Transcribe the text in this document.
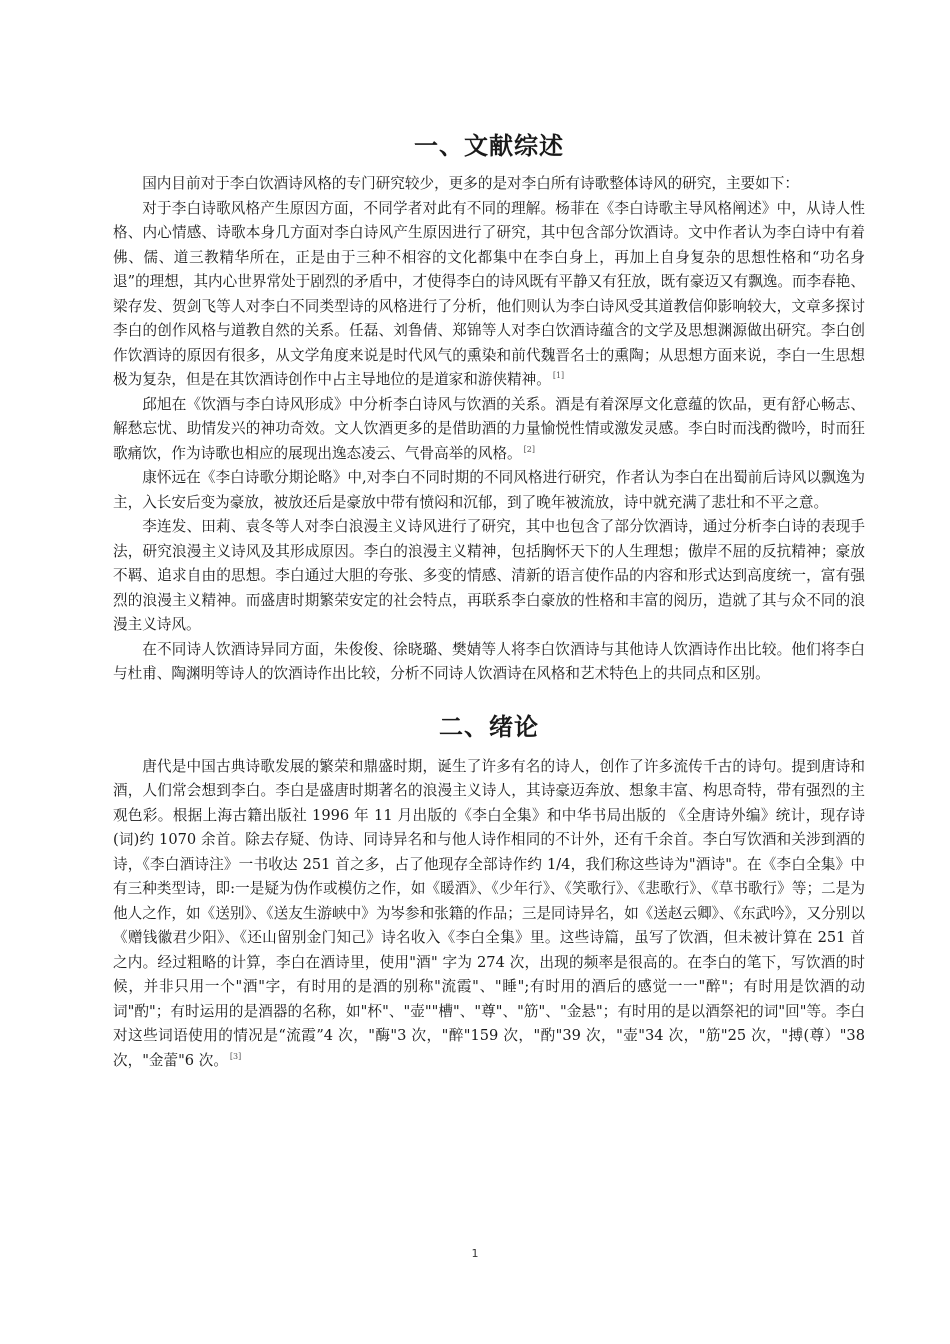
一、文献综述

国内目前对于李白饮酒诗风格的专门研究较少，更多的是对李白所有诗歌整体诗风的研究，主要如下：

对于李白诗歌风格产生原因方面，不同学者对此有不同的理解。杨菲在《李白诗歌主导风格阐述》中，从诗人性格、内心情感、诗歌本身几方面对李白诗风产生原因进行了研究，其中包含部分饮酒诗。文中作者认为李白诗中有着佛、儒、道三教精华所在，正是由于三种不相容的文化都集中在李白身上，再加上自身复杂的思想性格和“功名身退”的理想，其内心世界常处于剧烈的矛盾中，才使得李白的诗风既有平静又有狂放，既有豪迈又有飘逸。而李春艳、梁存发、贺剑飞等人对李白不同类型诗的风格进行了分析，他们则认为李白诗风受其道教信仰影响较大，文章多探讨李白的创作风格与道教自然的关系。任磊、刘鲁倩、郑锦等人对李白饮酒诗蕴含的文学及思想渊源做出研究。李白创作饮酒诗的原因有很多，从文学角度来说是时代风气的熏染和前代魏晋名士的熏陶；从思想方面来说，李白一生思想极为复杂，但是在其饮酒诗创作中占主导地位的是道家和游侠精神。 [1]

邱旭在《饮酒与李白诗风形成》中分析李白诗风与饮酒的关系。酒是有着深厚文化意蕴的饮品，更有舒心畅志、解愁忘忧、助情发兴的神功奇效。文人饮酒更多的是借助酒的力量愉悦性情或激发灵感。李白时而浅酌微吟，时而狂歌痛饮，作为诗歌也相应的展现出逸态凌云、气骨高举的风格。 [2]

康怀远在《李白诗歌分期论略》中,对李白不同时期的不同风格进行研究，作者认为李白在出蜀前后诗风以飘逸为主，入长安后变为豪放，被放还后是豪放中带有愤闷和沉郁，到了晚年被流放，诗中就充满了悲壮和不平之意。

李连发、田莉、袁冬等人对李白浪漫主义诗风进行了研究，其中也包含了部分饮酒诗，通过分析李白诗的表现手法，研究浪漫主义诗风及其形成原因。李白的浪漫主义精神，包括胸怀天下的人生理想；傲岸不屈的反抗精神；豪放不羁、追求自由的思想。李白通过大胆的夸张、多变的情感、清新的语言使作品的内容和形式达到高度统一，富有强烈的浪漫主义精神。而盛唐时期繁荣安定的社会特点，再联系李白豪放的性格和丰富的阅历，造就了其与众不同的浪漫主义诗风。

在不同诗人饮酒诗异同方面，朱俊俊、徐晓璐、樊婧等人将李白饮酒诗与其他诗人饮酒诗作出比较。他们将李白与杜甫、陶渊明等诗人的饮酒诗作出比较，分析不同诗人饮酒诗在风格和艺术特色上的共同点和区别。

二、绪论

唐代是中国古典诗歌发展的繁荣和鼎盛时期，诞生了许多有名的诗人，创作了许多流传千古的诗句。提到唐诗和酒，人们常会想到李白。李白是盛唐时期著名的浪漫主义诗人，其诗豪迈奔放、想象丰富、构思奇特，带有强烈的主观色彩。根据上海古籍出版社 1996 年 11 月出版的《李白全集》和中华书局出版的 《全唐诗外编》统计，现存诗(词)约 1070 余首。除去存疑、伪诗、同诗异名和与他人诗作相同的不计外，还有千余首。李白写饮酒和关涉到酒的诗，《李白酒诗注》一书收达 251 首之多，占了他现存全部诗作约 1/4，我们称这些诗为"酒诗"。在《李白全集》中有三种类型诗，即:一是疑为伪作或模仿之作，如《暖酒》、《少年行》、《笑歌行》、《悲歌行》、《草书歌行》等；二是为他人之作，如《送别》、《送友生游峡中》为岑参和张籍的作品；三是同诗异名，如《送赵云卿》、《东武吟》，又分别以《赠钱徽君少阳》、《还山留别金门知己》诗名收入《李白全集》里。这些诗篇，虽写了饮酒，但未被计算在 251 首之内。经过粗略的计算，李白在酒诗里，使用"酒" 字为 274 次，出现的频率是很高的。在李白的笔下，写饮酒的时候，并非只用一个"酒"字，有时用的是酒的别称"流霞"、"睡";有时用的酒后的感觉一一"醉"；有时用是饮酒的动词"酌"；有时运用的是酒器的名称，如"杯"、"壶""槽"、"尊"、"筋"、"金悬"；有时用的是以酒祭祀的词"回"等。李白对这些词语使用的情况是“流霞”4 次，"酶"3 次，"醉"159 次，"酌"39 次，"壶"34 次，"筋"25 次，"搏(尊）"38 次，"金蕾"6 次。 [3]

1
